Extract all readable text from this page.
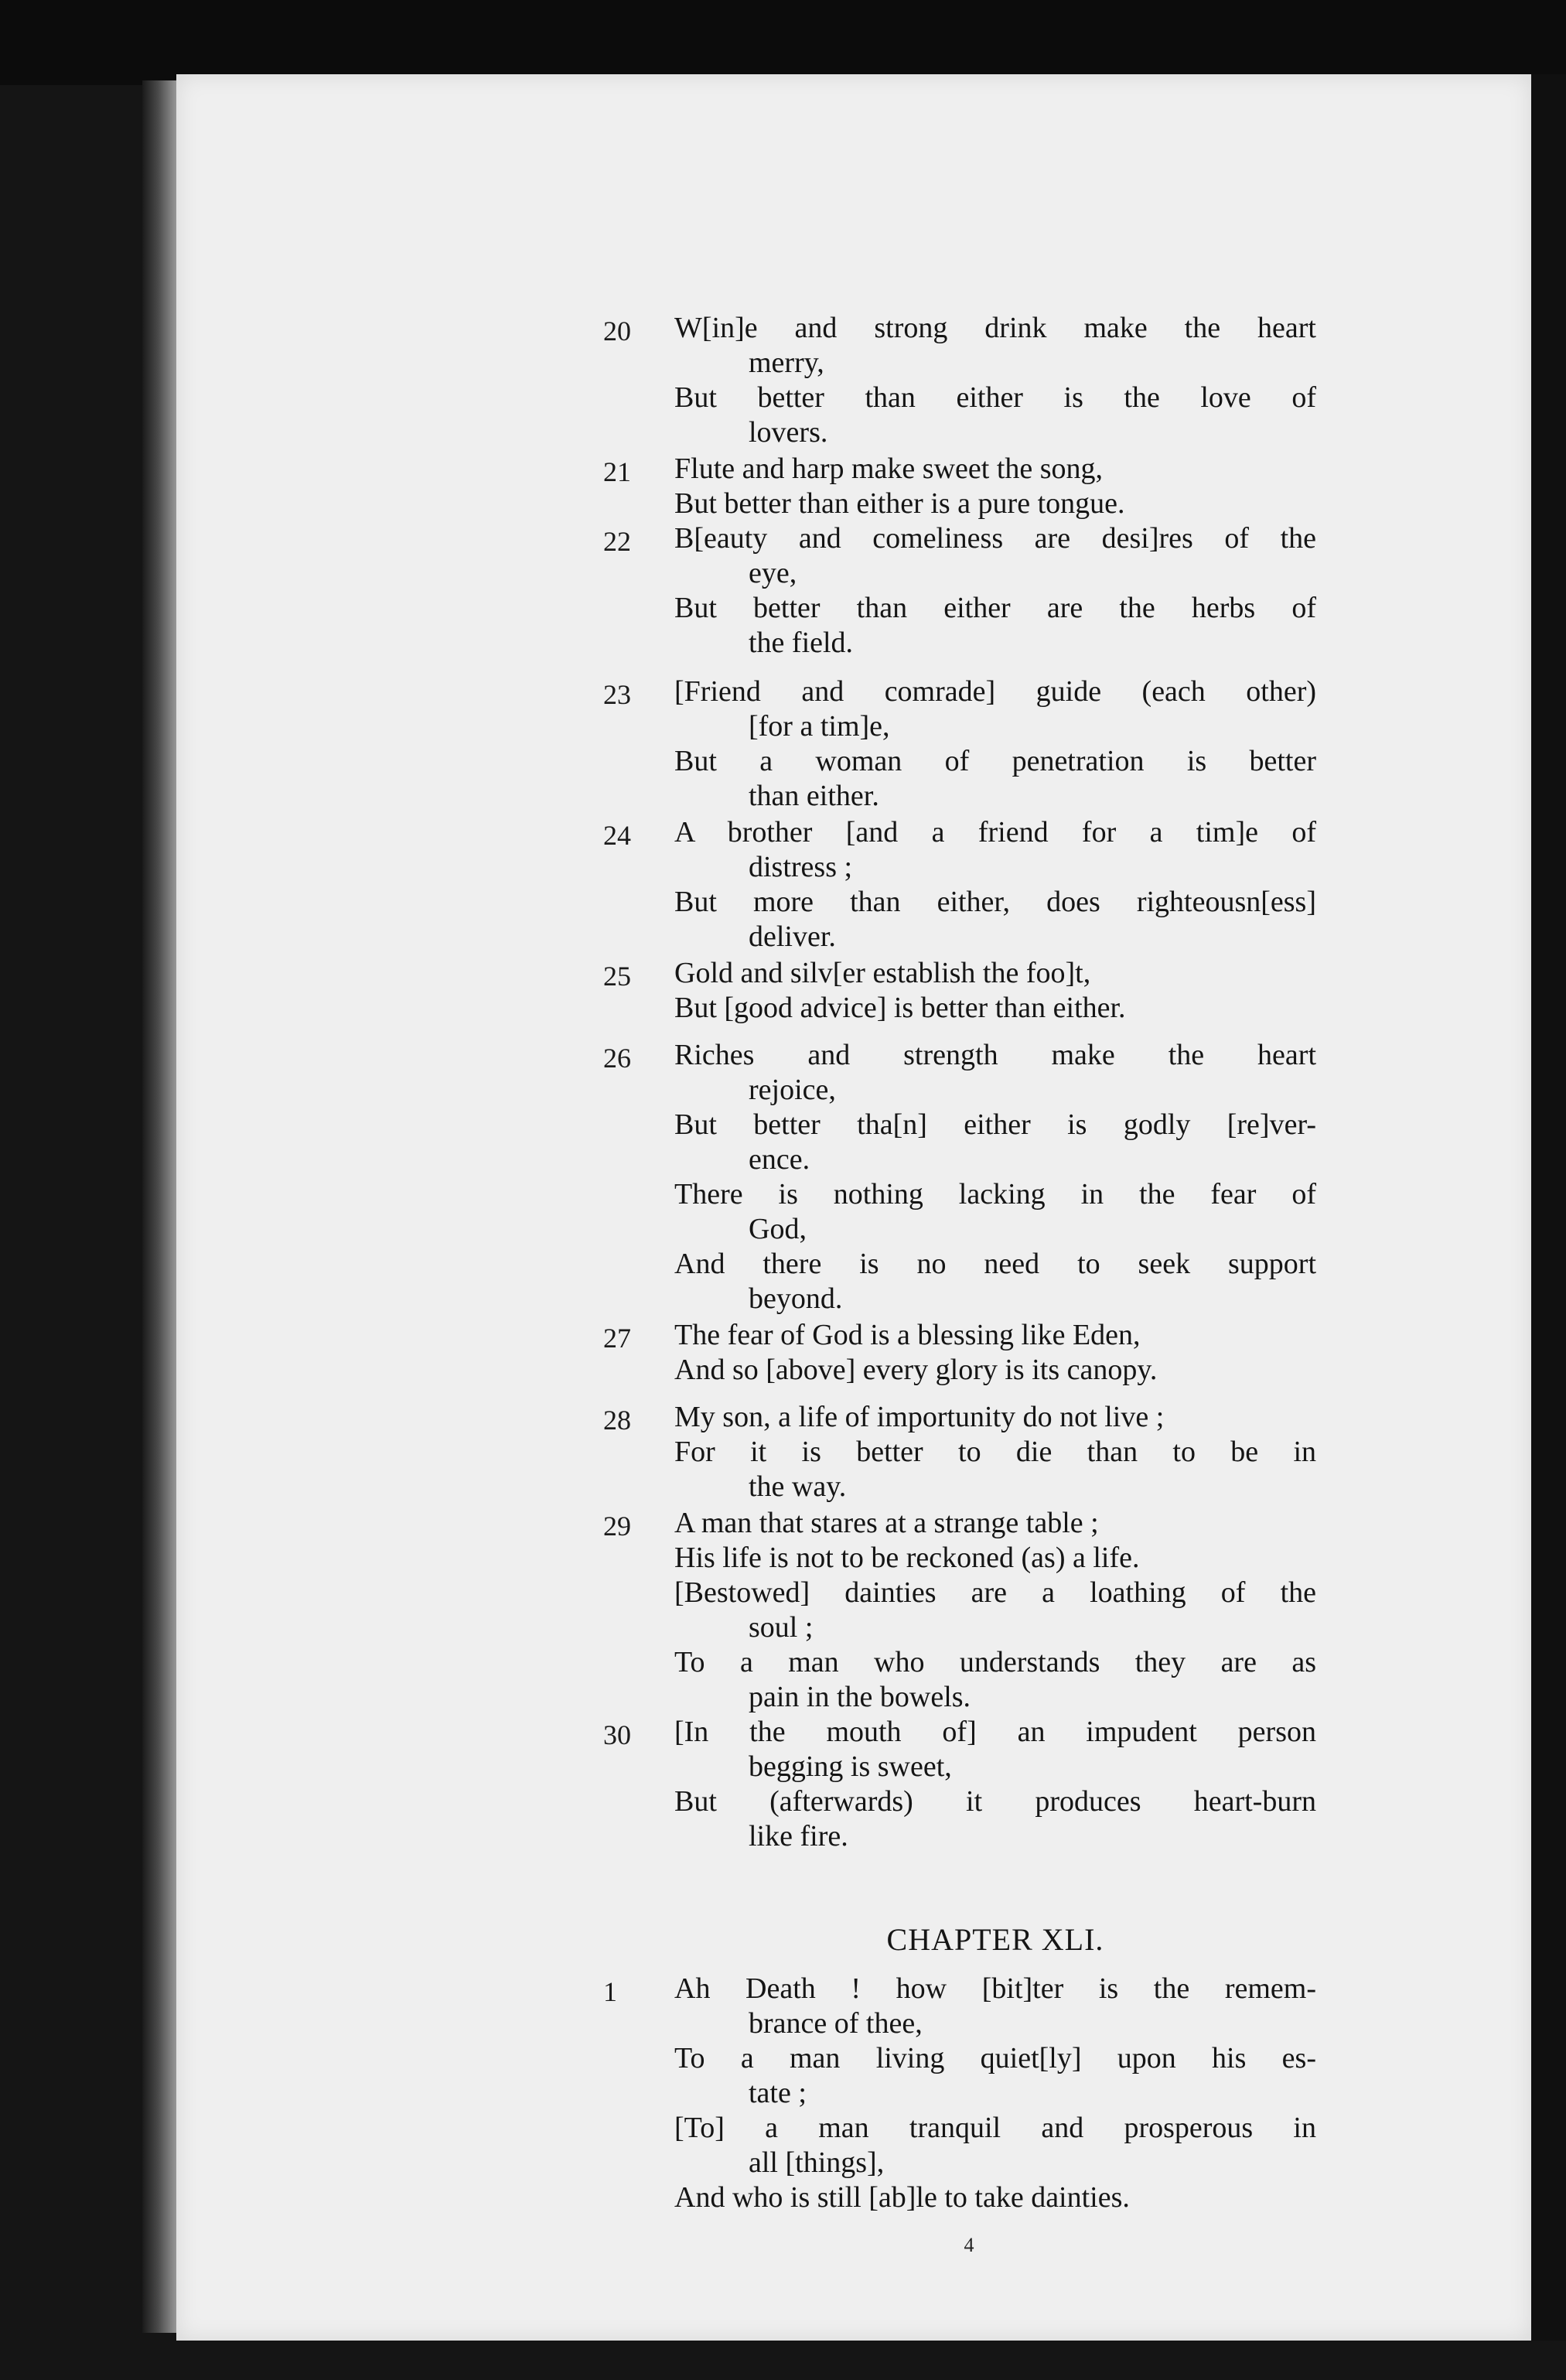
20	W[in]e and strong drink make the heart
merry,
But better than either is the love of
lovers.
21	Flute and harp make sweet the song,
But better than either is a pure tongue.
22	B[eauty and comeliness are desi]res of the
eye,
But better than either are the herbs of
the field.
23	[Friend and comrade] guide (each other)
[for a tim]e,
But a woman of penetration is better
than either.
24	A brother [and a friend for a tim]e of
distress ;
But more than either, does righteousn[ess]
deliver.
25	Gold and silv[er establish the foo]t,
But [good advice] is better than either.
26	Riches and strength make the heart
rejoice,
But better tha[n] either is godly [re]ver-
ence.
There is nothing lacking in the fear of
God,
And there is no need to seek support
beyond.
27	The fear of God is a blessing like Eden,
And so [above] every glory is its canopy.
28	My son, a life of importunity do not live ;
For it is better to die than to be in
the way.
29	A man that stares at a strange table ;
His life is not to be reckoned (as) a life.
[Bestowed] dainties are a loathing of the
soul ;
To a man who understands they are as
pain in the bowels.
30	[In the mouth of] an impudent person
begging is sweet,
But (afterwards) it produces heart-burn
like fire.
CHAPTER XLI.
1	Ah Death ! how [bit]ter is the remem-
brance of thee,
To a man living quiet[ly] upon his es-
tate ;
[To] a man tranquil and prosperous in
all [things],
And who is still [ab]le to take dainties.
4
